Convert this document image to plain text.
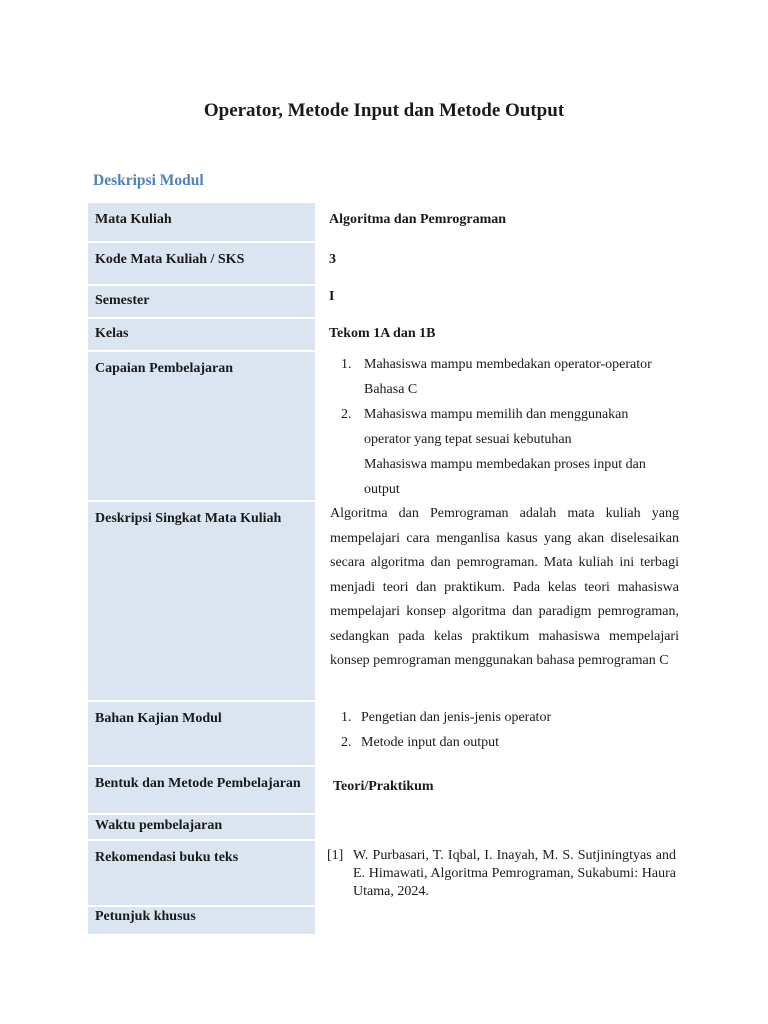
Operator, Metode Input dan Metode Output
Deskripsi Modul
Mata Kuliah	Algoritma dan Pemrograman
Kode Mata Kuliah / SKS	3
Semester	I
Kelas	Tekom 1A dan 1B
Capaian Pembelajaran	1. Mahasiswa mampu membedakan operator-operator
Bahasa C
2. Mahasiswa mampu memilih dan menggunakan
operator yang tepat sesuai kebutuhan
Mahasiswa mampu membedakan proses input dan
output
Deskripsi Singkat Mata Kuliah	Algoritma dan Pemrograman adalah mata kuliah yang mempelajari cara menganlisa kasus yang akan diselesaikan secara algoritma dan pemrograman. Mata kuliah ini terbagi menjadi teori dan praktikum. Pada kelas teori mahasiswa mempelajari konsep algoritma dan paradigm pemrograman, sedangkan pada kelas praktikum mahasiswa mempelajari konsep pemrograman menggunakan bahasa pemrograman C

Bahan Kajian Modul	1. Pengetian dan jenis-jenis operator
2. Metode input dan output
Bentuk dan Metode Pembelajaran	Teori/Praktikum
Waktu pembelajaran
Rekomendasi buku teks	[1] W. Purbasari, T. Iqbal, I. Inayah, M. S. Sutjiningtyas and E. Himawati, Algoritma Pemrograman, Sukabumi: Haura Utama, 2024.
Petunjuk khusus
